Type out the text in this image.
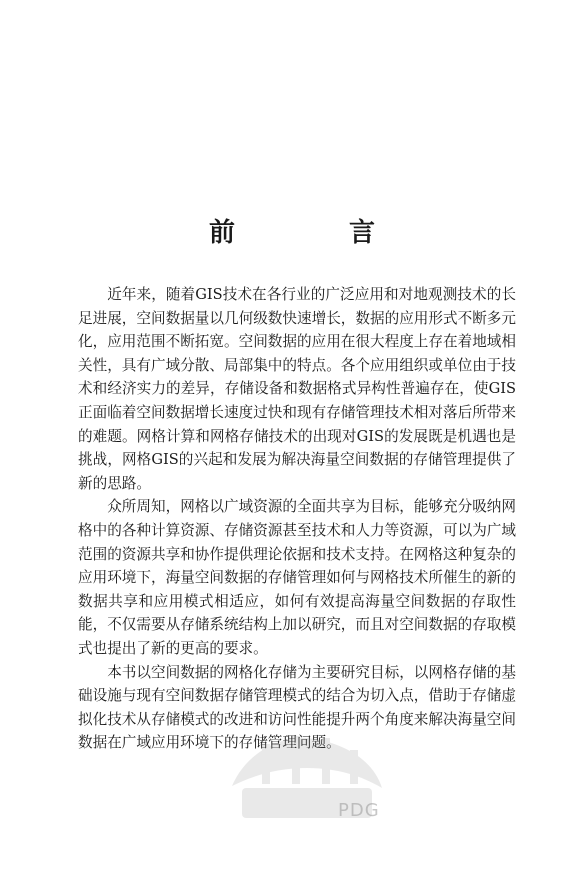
前　言

近年来，随着GIS技术在各行业的广泛应用和对地观测技术的长足进展，空间数据量以几何级数快速增长，数据的应用形式不断多元化，应用范围不断拓宽。空间数据的应用在很大程度上存在着地域相关性，具有广域分散、局部集中的特点。各个应用组织或单位由于技术和经济实力的差异，存储设备和数据格式异构性普遍存在，使GIS正面临着空间数据增长速度过快和现有存储管理技术相对落后所带来的难题。网格计算和网格存储技术的出现对GIS的发展既是机遇也是挑战，网格GIS的兴起和发展为解决海量空间数据的存储管理提供了新的思路。

众所周知，网格以广域资源的全面共享为目标，能够充分吸纳网格中的各种计算资源、存储资源甚至技术和人力等资源，可以为广域范围的资源共享和协作提供理论依据和技术支持。在网格这种复杂的应用环境下，海量空间数据的存储管理如何与网格技术所催生的新的数据共享和应用模式相适应，如何有效提高海量空间数据的存取性能，不仅需要从存储系统结构上加以研究，而且对空间数据的存取模式也提出了新的更高的要求。

本书以空间数据的网格化存储为主要研究目标，以网格存储的基础设施与现有空间数据存储管理模式的结合为切入点，借助于存储虚拟化技术从存储模式的改进和访问性能提升两个角度来解决海量空间数据在广域应用环境下的存储管理问题。

PDG
